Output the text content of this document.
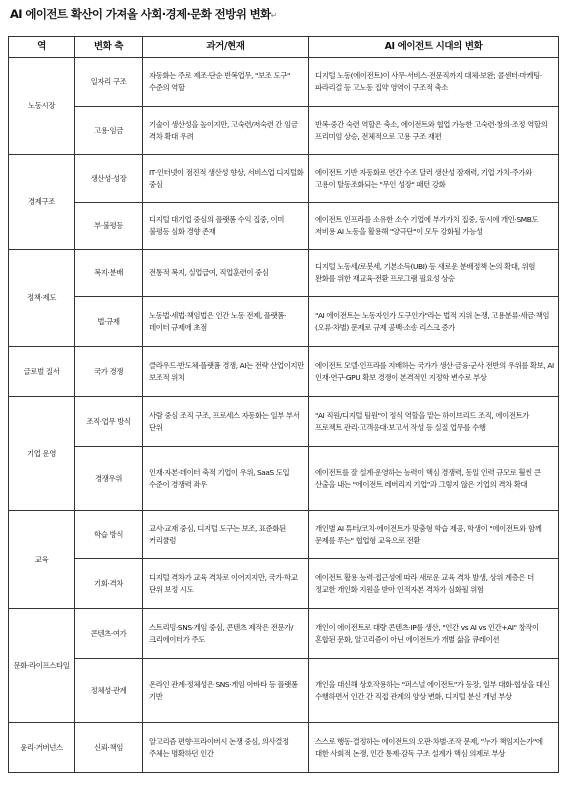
AI 에이전트 확산이 가져올 사회·경제·문화 전방위 변화↵
역	변화 축	과거/현재	AI 에이전트 시대의 변화
노동시장	일자리 구조	자동화는 주로 제조·단순 반복업무, "보조 도구" 수준의 역할	디지털 노동(에이전트)이 사무·서비스·전문직까지 대체·보완; 콜센터·마케팅·파라리걸 등 고노동 집약 영역이 구조적 축소
	고용·임금	기술이 생산성을 높이지만, 고숙련/저숙련 간 임금 격차 확대 우려	반복·중간 숙련 역할은 축소, 에이전트와 협업 가능한 고숙련·창의·조정 역할의 프리미엄 상승, 전체적으로 고용 구조 재편
경제구조	생산성·성장	IT·인터넷이 점진적 생산성 향상, 서비스업 디지털화 중심	에이전트 기반 자동화로 연간 수조 달러 생산성 잠재력, 기업 가치·주가와 고용이 탈동조화되는 "무인 성장" 패턴 강화
	부·불평등	디지털 대기업 중심의 플랫폼 수익 집중, 이미 불평등 심화 경향 존재	에이전트 인프라를 소유한 소수 기업에 부가가치 집중, 동시에 개인·SMB도 저비용 AI 노동을 활용해 "양극단"이 모두 강화될 가능성
정책·제도	복지·분배	전통적 복지, 실업급여, 직업훈련이 중심	디지털 노동세/로봇세, 기본소득(UBI) 등 새로운 분배정책 논의 확대, 위험 완화를 위한 재교육·전환 프로그램 필요성 상승
	법·규제	노동법·세법·책임법은 인간 노동 전제, 플랫폼·데이터 규제에 초점	"AI 에이전트는 노동자인가 도구인가"라는 법적 지위 논쟁, 고용분류·세금·책임(오류·차별) 문제로 규제 공백·소송 리스크 증가
글로벌 질서	국가 경쟁	클라우드·반도체·플랫폼 경쟁, AI는 전략 산업이지만 보조적 위치	에이전트 모델·인프라를 지배하는 국가가 생산·금융·군사 전반의 우위를 확보, AI 인재·연구·GPU 확보 경쟁이 본격적인 지정학 변수로 부상
기업 운영	조직·업무 방식	사람 중심 조직 구조, 프로세스 자동화는 일부 부서 단위	"AI 직원/디지털 팀원"이 정식 역할을 맡는 하이브리드 조직, 에이전트가 프로젝트 관리·고객응대·보고서 작성 등 실질 업무를 수행
	경쟁우위	인재·자본·데이터 축적 기업이 우위, SaaS 도입 수준이 경쟁력 좌우	에이전트를 잘 설계·운영하는 능력이 핵심 경쟁력, 동일 인력 규모로 훨씬 큰 산출을 내는 "에이전트 레버리지 기업"과 그렇지 않은 기업의 격차 확대
교육	학습 방식	교사·교재 중심, 디지털 도구는 보조, 표준화된 커리큘럼	개인별 AI 튜터/코치·에이전트가 맞춤형 학습 제공, 학생이 "에이전트와 함께 문제를 푸는" 협업형 교육으로 전환
	기회·격차	디지털 격차가 교육 격차로 이어지지만, 국가·학교 단위 보정 시도	에이전트 활용 능력·접근성에 따라 새로운 교육 격차 발생, 상위 계층은 더 정교한 개인화 지원을 받아 인적자본 격차가 심화될 위험
문화·라이프스타일	콘텐츠·여가	스트리밍·SNS·게임 중심, 콘텐츠 제작은 전문가/크리에이터가 주도	개인이 에이전트로 대량 콘텐츠·IP를 생산, "인간 vs AI vs 인간+AI" 창작이 혼합된 문화, 알고리즘이 아닌 에이전트가 개별 삶을 큐레이션
	정체성·관계	온라인 관계·정체성은 SNS·게임 아바타 등 플랫폼 기반	개인을 대신해 상호작용하는 "퍼스널 에이전트"가 등장, 일부 대화·협상을 대신 수행하면서 인간 간 직접 관계의 양상 변화, 디지털 분신 개념 부상
윤리·거버넌스	신뢰·책임	알고리즘 편향·프라이버시 논쟁 중심, 의사결정 주체는 명확하던 인간	스스로 행동·결정하는 에이전트의 오판·차별·조작 문제, "누가 책임지는가"에 대한 사회적 논쟁, 인간 통제·감독 구조 설계가 핵심 의제로 부상
